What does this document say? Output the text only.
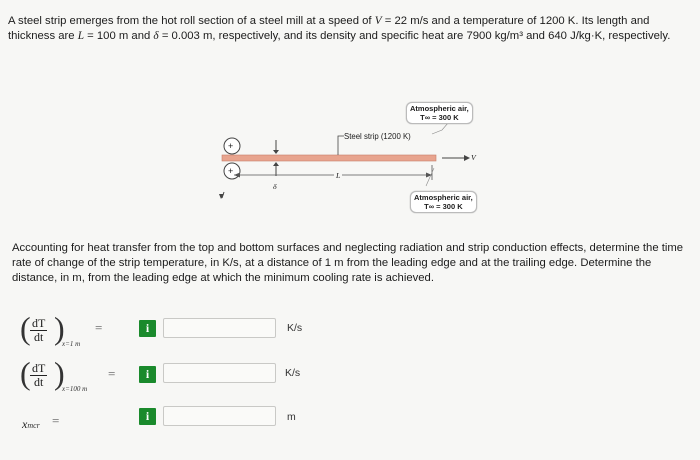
A steel strip emerges from the hot roll section of a steel mill at a speed of V = 22 m/s and a temperature of 1200 K. Its length and thickness are L = 100 m and δ = 0.003 m, respectively, and its density and specific heat are 7900 kg/m³ and 640 J/kg·K, respectively.
+
+
Atmospheric air,
T∞ = 300 K
Steel strip (1200 K)
V
L
δ
Atmospheric air,
T∞ = 300 K
Accounting for heat transfer from the top and bottom surfaces and neglecting radiation and strip conduction effects, determine the time rate of change of the strip temperature, in K/s, at a distance of 1 m from the leading edge and at the trailing edge. Determine the distance, in m, from the leading edge at which the minimum cooling rate is achieved.
( $\frac{dT}{dt}$ )
x=1 m
=	i	K/s
( $\frac{dT}{dt}$ )
x=100 m
=	i	K/s
xmcr =	i	m
